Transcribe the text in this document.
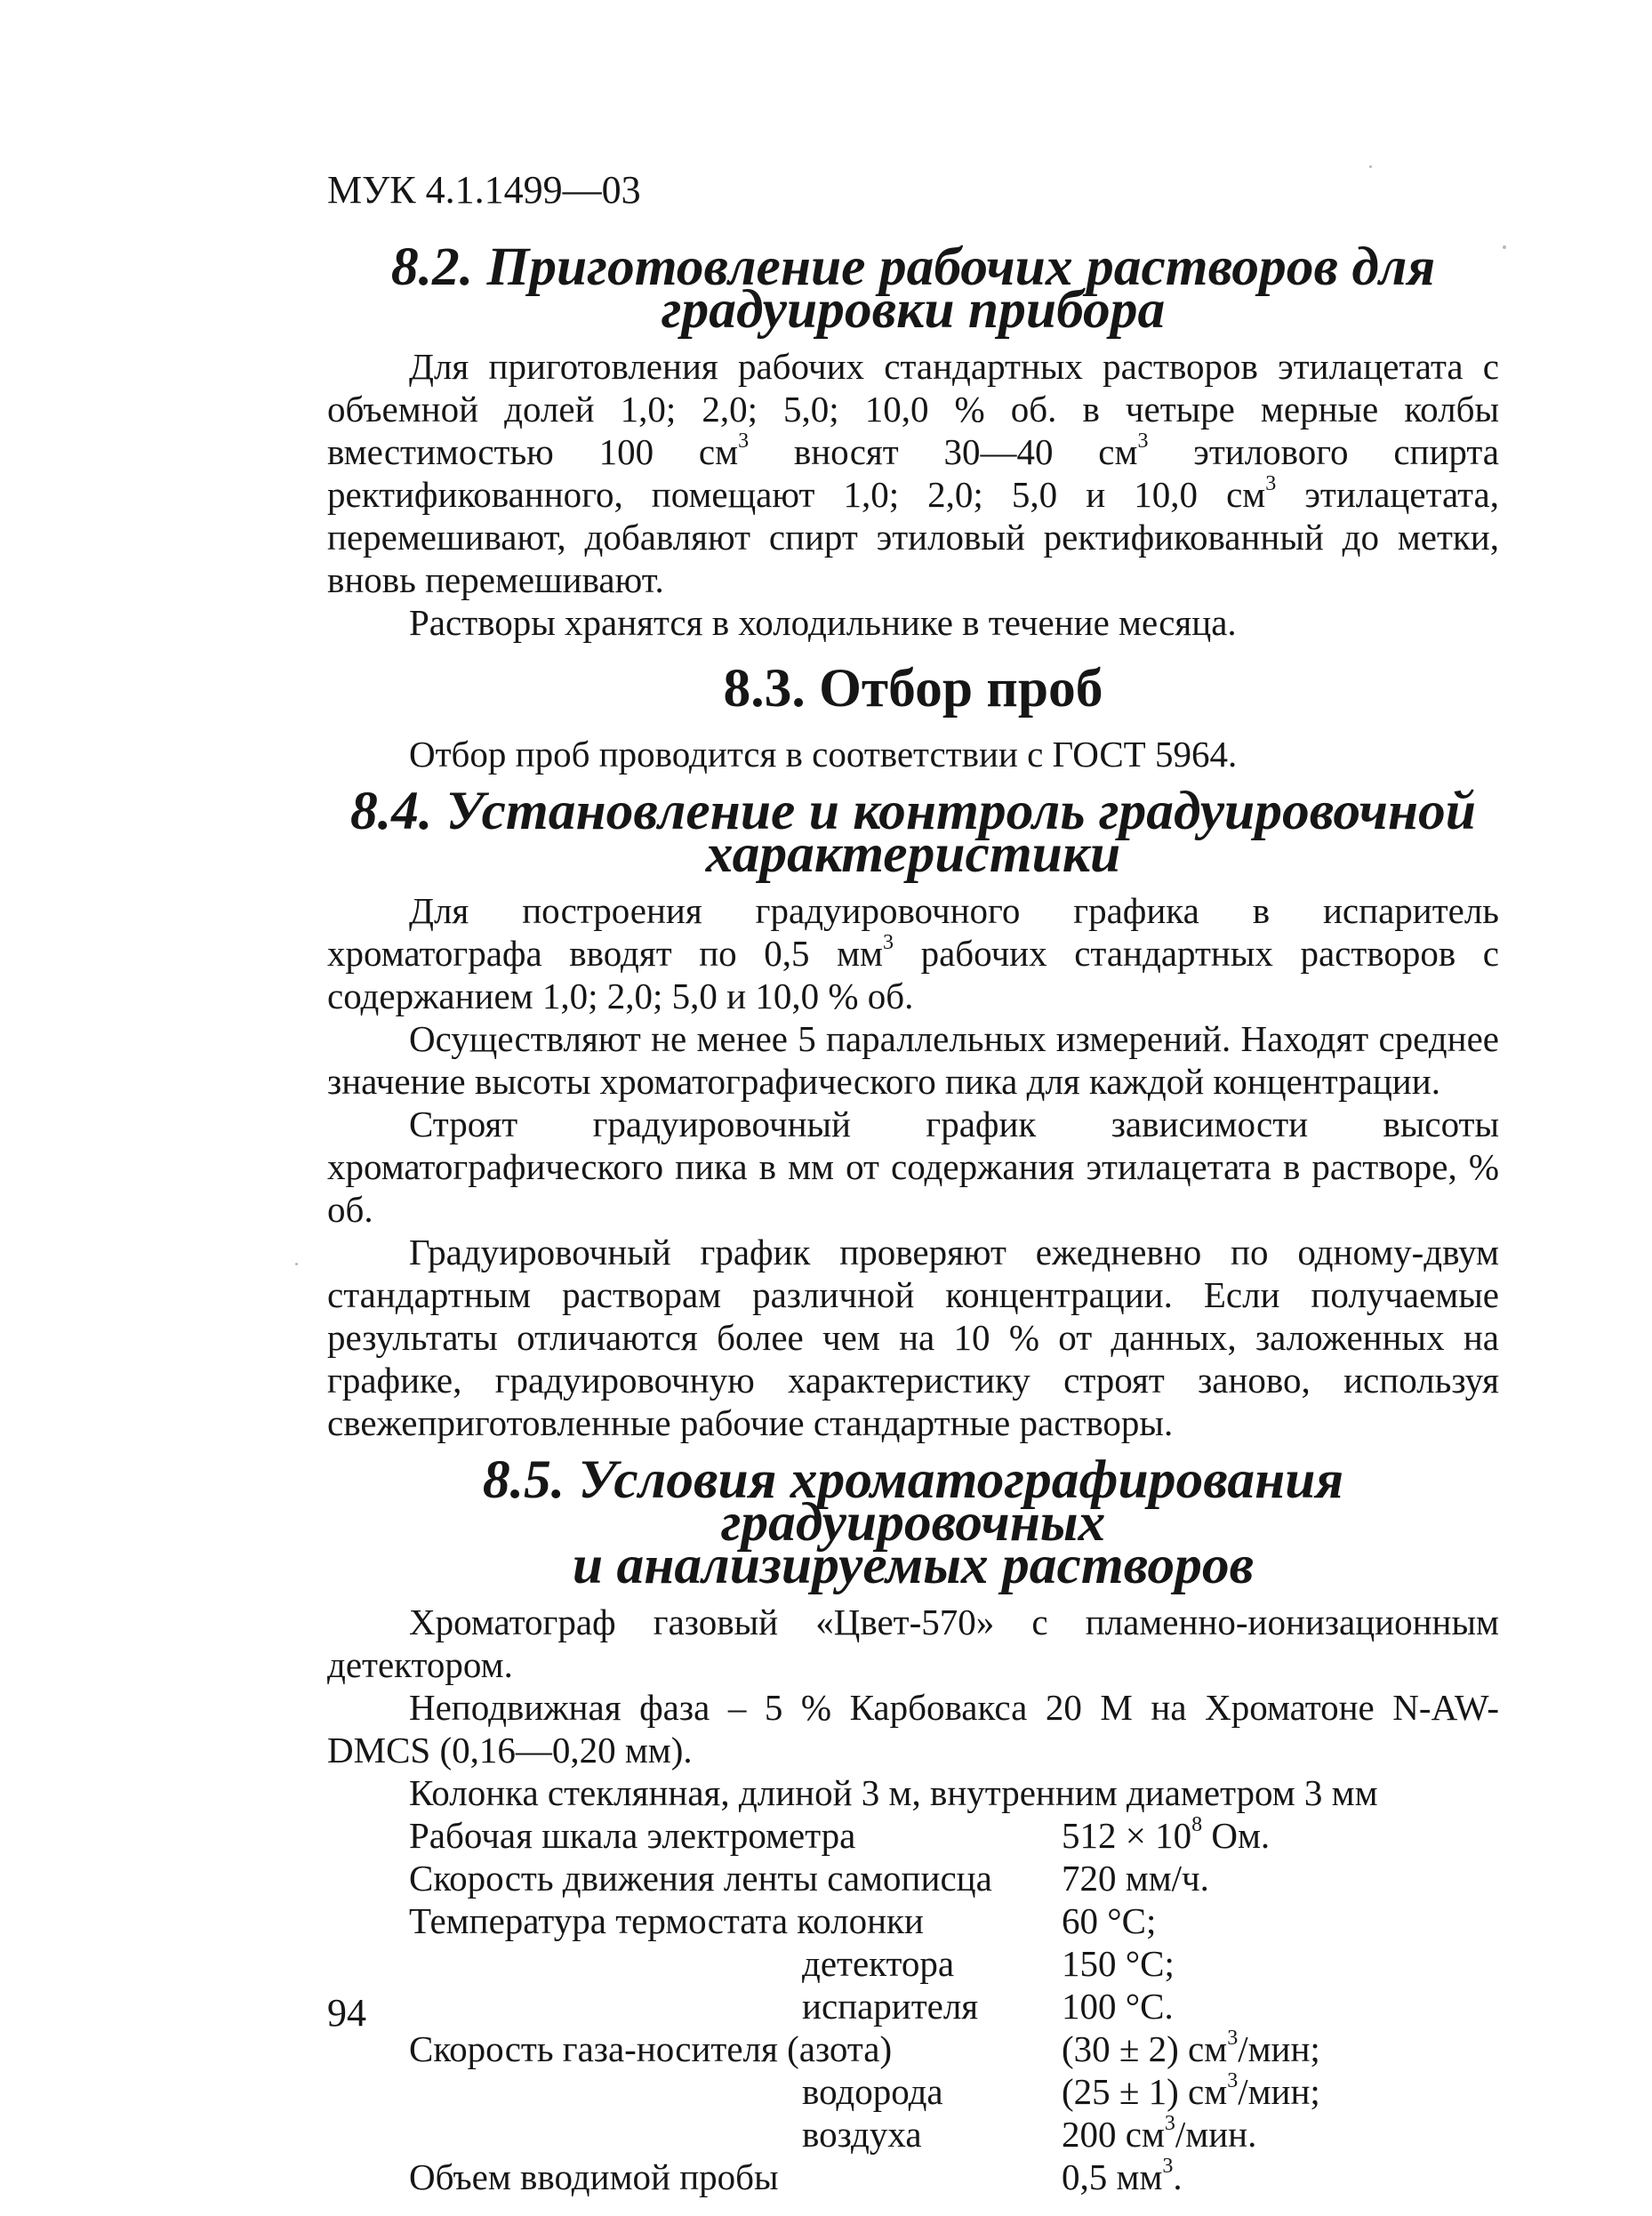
МУК 4.1.1499—03
8.2. Приготовление рабочих растворов для градуировки прибора

Для приготовления рабочих стандартных растворов этилацетата с объемной долей 1,0; 2,0; 5,0; 10,0 % об. в четыре мерные колбы вместимостью 100 $см^3$ вносят 30—40 $см^3$ этилового спирта ректификованного, помещают 1,0; 2,0; 5,0 и 10,0 $см^3$ этилацетата, перемешивают, добавляют спирт этиловый ректификованный до метки, вновь перемешивают.

Растворы хранятся в холодильнике в течение месяца.

8.3. Отбор проб

Отбор проб проводится в соответствии с ГОСТ 5964.

8.4. Установление и контроль градуировочной характеристики

Для построения градуировочного графика в испаритель хроматографа вводят по 0,5 $мм^3$ рабочих стандартных растворов с содержанием 1,0; 2,0; 5,0 и 10,0 % об.

Осуществляют не менее 5 параллельных измерений. Находят среднее значение высоты хроматографического пика для каждой концентрации.

Строят градуировочный график зависимости высоты хроматографического пика в мм от содержания этилацетата в растворе, % об.

Градуировочный график проверяют ежедневно по одному-двум стандартным растворам различной концентрации. Если получаемые результаты отличаются более чем на 10 % от данных, заложенных на графике, градуировочную характеристику строят заново, используя свежеприготовленные рабочие стандартные растворы.

8.5. Условия хроматографирования градуировочных
и анализируемых растворов

Хроматограф газовый «Цвет-570» с пламенно-ионизационным детектором.

Неподвижная фаза – 5 % Карбовакса 20 М на Хроматоне N-AW-DMCS (0,16—0,20 мм).

Колонка стеклянная, длиной 3 м, внутренним диаметром 3 мм

Рабочая шкала электрометра	$512 \times 10^8$ Ом.
Скорость движения ленты самописца	720 мм/ч.
Температура термостата колонки	60 °С;
детектора	150 °С;
испарителя	100 °С.
Скорость газа-носителя (азота)	(30 ± 2) $см^3$/мин;
водорода	(25 ± 1) $см^3$/мин;
воздуха	200 $см^3$/мин.
Объем вводимой пробы	0,5 $мм^3$.
94
